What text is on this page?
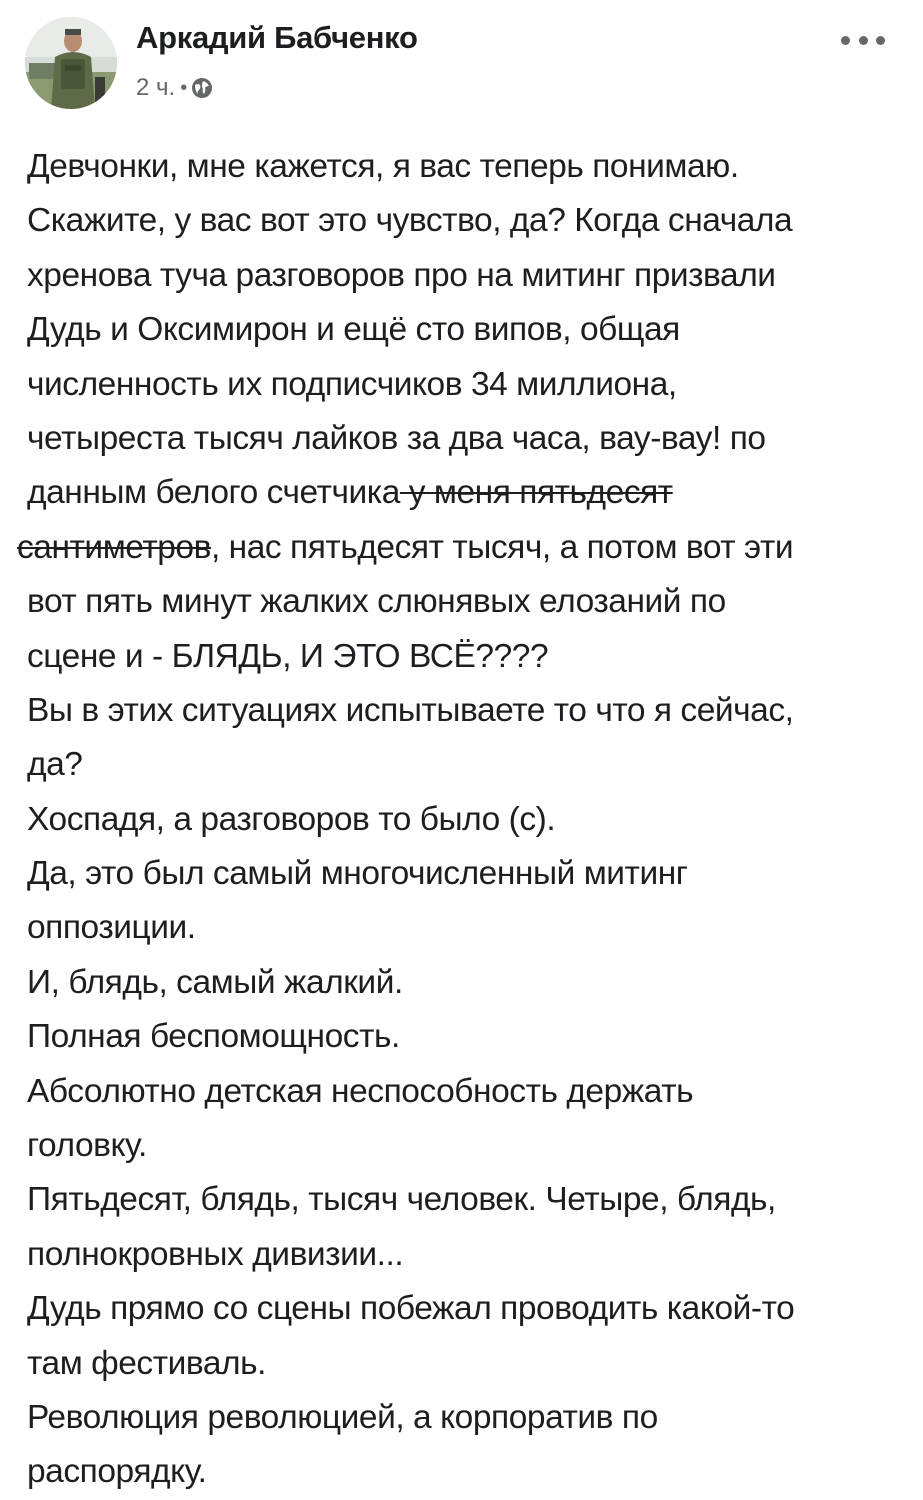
Аркадий Бабченко
2 ч. •
Девчонки, мне кажется, я вас теперь понимаю.
Скажите, у вас вот это чувство, да? Когда сначала
хренова туча разговоров про на митинг призвали
Дудь и Оксимирон и ещё сто випов, общая
численность их подписчиков 34 миллиона,
четыреста тысяч лайков за два часа, вау-вау! по
данным белого счетчика у меня пятьдесят
сантиметров, нас пятьдесят тысяч, а потом вот эти
вот пять минут жалких слюнявых елозаний по
сцене и - БЛЯДЬ, И ЭТО ВСЁ????
Вы в этих ситуациях испытываете то что я сейчас,
да?
Хоспадя, а разговоров то было (с).
Да, это был самый многочисленный митинг
оппозиции.
И, блядь, самый жалкий.
Полная беспомощность.
Абсолютно детская неспособность держать
головку.
Пятьдесят, блядь, тысяч человек. Четыре, блядь,
полнокровных дивизии...
Дудь прямо со сцены побежал проводить какой-то
там фестиваль.
Революция революцией, а корпоратив по
распорядку.
